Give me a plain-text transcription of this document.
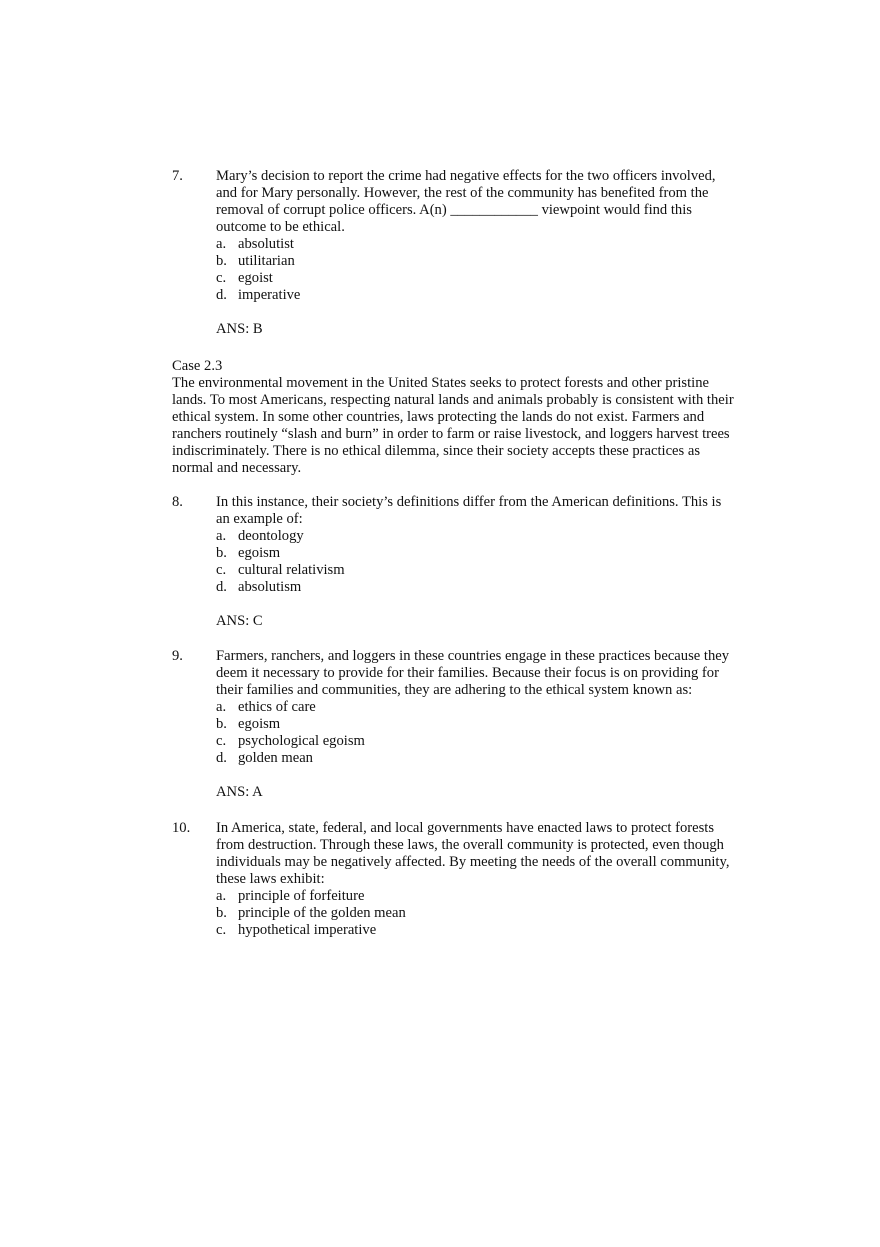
7.	Mary’s decision to report the crime had negative effects for the two officers involved,
and for Mary personally. However, the rest of the community has benefited from the
removal of corrupt police officers. A(n) ____________ viewpoint would find this
outcome to be ethical.

a. absolutist
b. utilitarian
c. egoist
d. imperative
ANS: B

Case 2.3

The environmental movement in the United States seeks to protect forests and other pristine
lands. To most Americans, respecting natural lands and animals probably is consistent with their
ethical system. In some other countries, laws protecting the lands do not exist. Farmers and
ranchers routinely “slash and burn” in order to farm or raise livestock, and loggers harvest trees
indiscriminately. There is no ethical dilemma, since their society accepts these practices as
normal and necessary.

8.	In this instance, their society’s definitions differ from the American definitions. This is
an example of:

a. deontology
b. egoism
c. cultural relativism
d. absolutism
ANS: C
9.	Farmers, ranchers, and loggers in these countries engage in these practices because they
deem it necessary to provide for their families. Because their focus is on providing for
their families and communities, they are adhering to the ethical system known as:

a. ethics of care
b. egoism
c. psychological egoism
d. golden mean
ANS: A
10.	In America, state, federal, and local governments have enacted laws to protect forests
from destruction. Through these laws, the overall community is protected, even though
individuals may be negatively affected. By meeting the needs of the overall community,
these laws exhibit:

a. principle of forfeiture
b. principle of the golden mean
c. hypothetical imperative
